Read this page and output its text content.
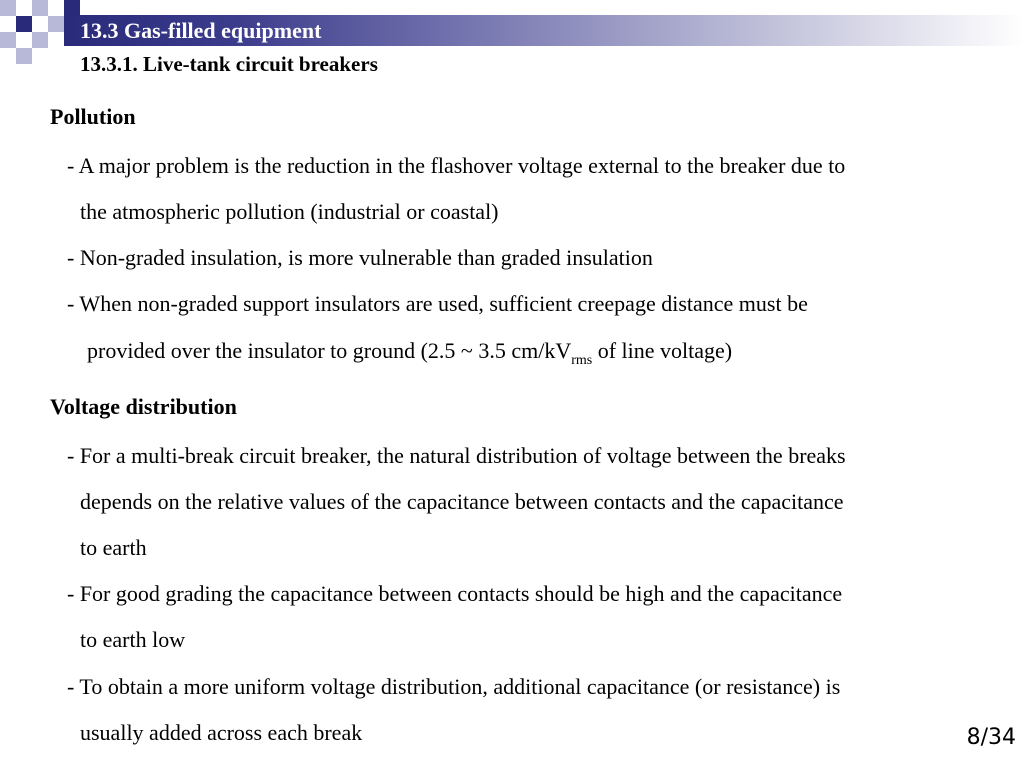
13.3 Gas-filled equipment
13.3.1. Live-tank circuit breakers
Pollution
- A major problem is the reduction in the flashover voltage external to the breaker due to
the atmospheric pollution (industrial or coastal)
- Non-graded insulation, is more vulnerable than graded insulation
- When non-graded support insulators are used, sufficient creepage distance must be
provided over the insulator to ground (2.5 ~ 3.5 $cm/kV_{rms}$ of line voltage)
Voltage distribution
- For a multi-break circuit breaker, the natural distribution of voltage between the breaks
depends on the relative values of the capacitance between contacts and the capacitance
to earth
- For good grading the capacitance between contacts should be high and the capacitance
to earth low
- To obtain a more uniform voltage distribution, additional capacitance (or resistance) is
usually added across each break	8/34
